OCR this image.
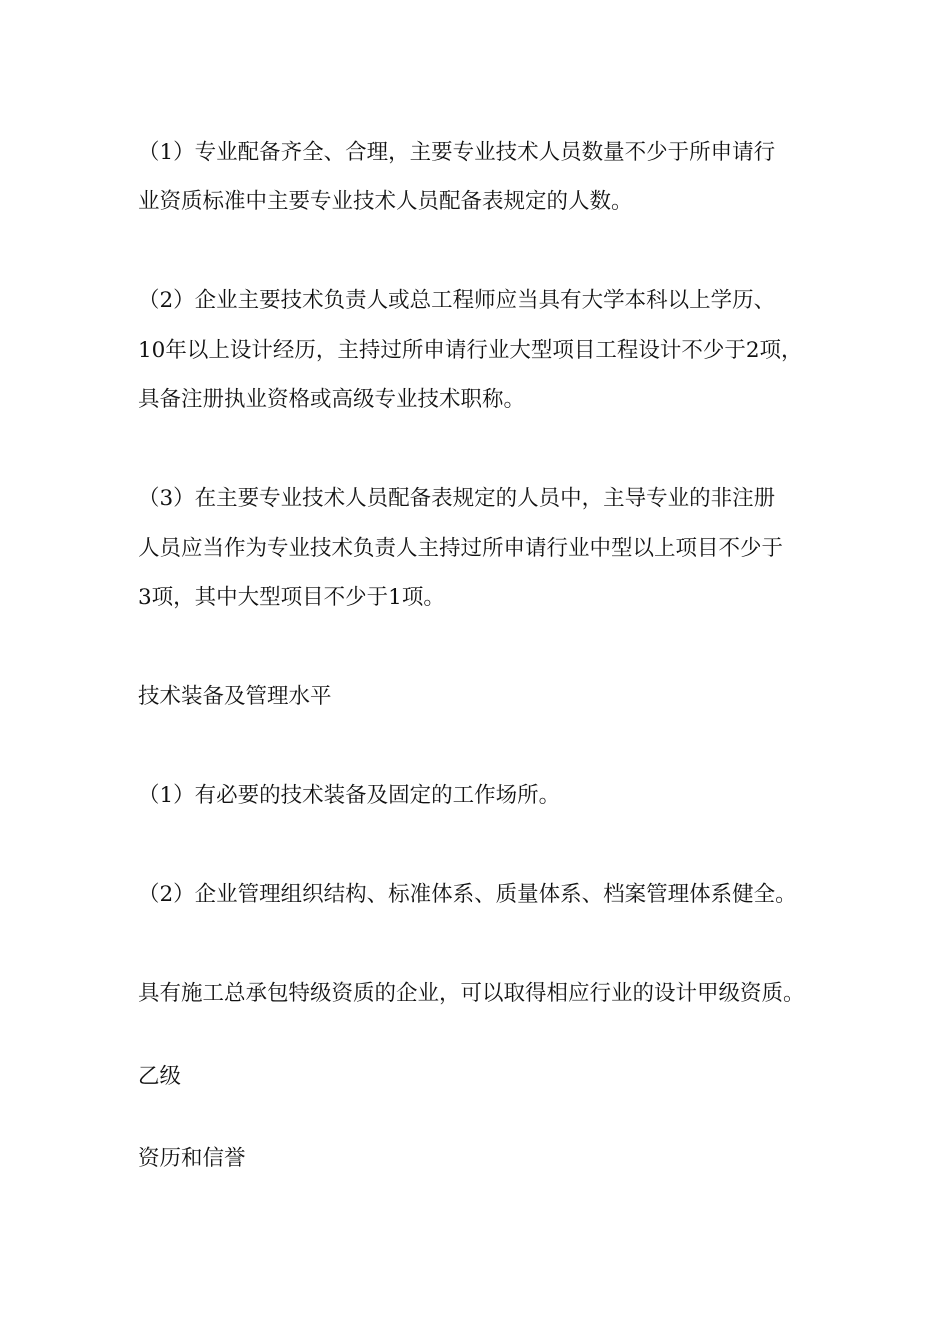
（1）专业配备齐全、合理，主要专业技术人员数量不少于所申请行
业资质标准中主要专业技术人员配备表规定的人数。
（2）企业主要技术负责人或总工程师应当具有大学本科以上学历、
10年以上设计经历，主持过所申请行业大型项目工程设计不少于2项，
具备注册执业资格或高级专业技术职称。
（3）在主要专业技术人员配备表规定的人员中，主导专业的非注册
人员应当作为专业技术负责人主持过所申请行业中型以上项目不少于
3项，其中大型项目不少于1项。
技术装备及管理水平
（1）有必要的技术装备及固定的工作场所。
（2）企业管理组织结构、标准体系、质量体系、档案管理体系健全。
具有施工总承包特级资质的企业，可以取得相应行业的设计甲级资质。
乙级
资历和信誉
